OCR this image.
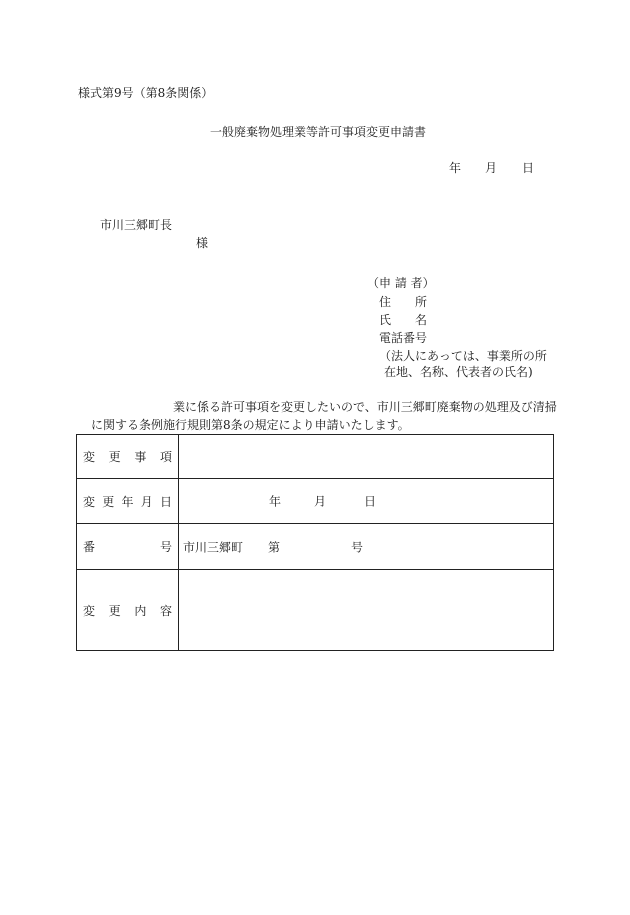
様式第9号（第8条関係）
一般廃棄物処理業等許可事項変更申請書
年 月 日
市川三郷町長
様
（申 請 者）
住　　所
氏　　名
電話番号
（法人にあっては、事業所の所
在地、名称、代表者の氏名)
業に係る許可事項を変更したいので、市川三郷町廃棄物の処理及び清掃
に関する条例施行規則第8条の規定により申請いたします。
変 更 事 項	

変 更 年 月 日	年 月 日

番 号	市川三郷町 第 号

変 更 内 容	
